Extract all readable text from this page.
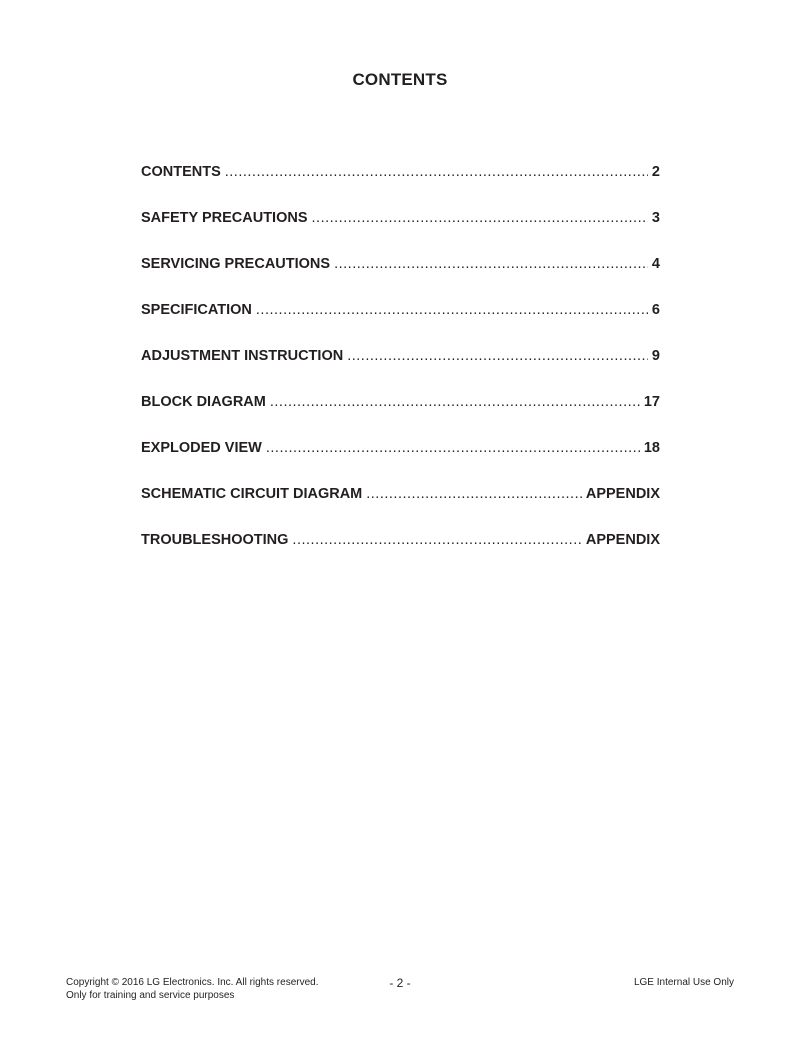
CONTENTS
CONTENTS .....	2
SAFETY PRECAUTIONS .....	3
SERVICING PRECAUTIONS .....	4
SPECIFICATION .....	6
ADJUSTMENT INSTRUCTION .....	9
BLOCK DIAGRAM .....	17
EXPLODED VIEW .....	18
SCHEMATIC CIRCUIT DIAGRAM .....	APPENDIX
TROUBLESHOOTING .....	APPENDIX
Copyright © 2016 LG Electronics. Inc. All rights reserved.
Only for training and service purposes
- 2 -	LGE Internal Use Only
